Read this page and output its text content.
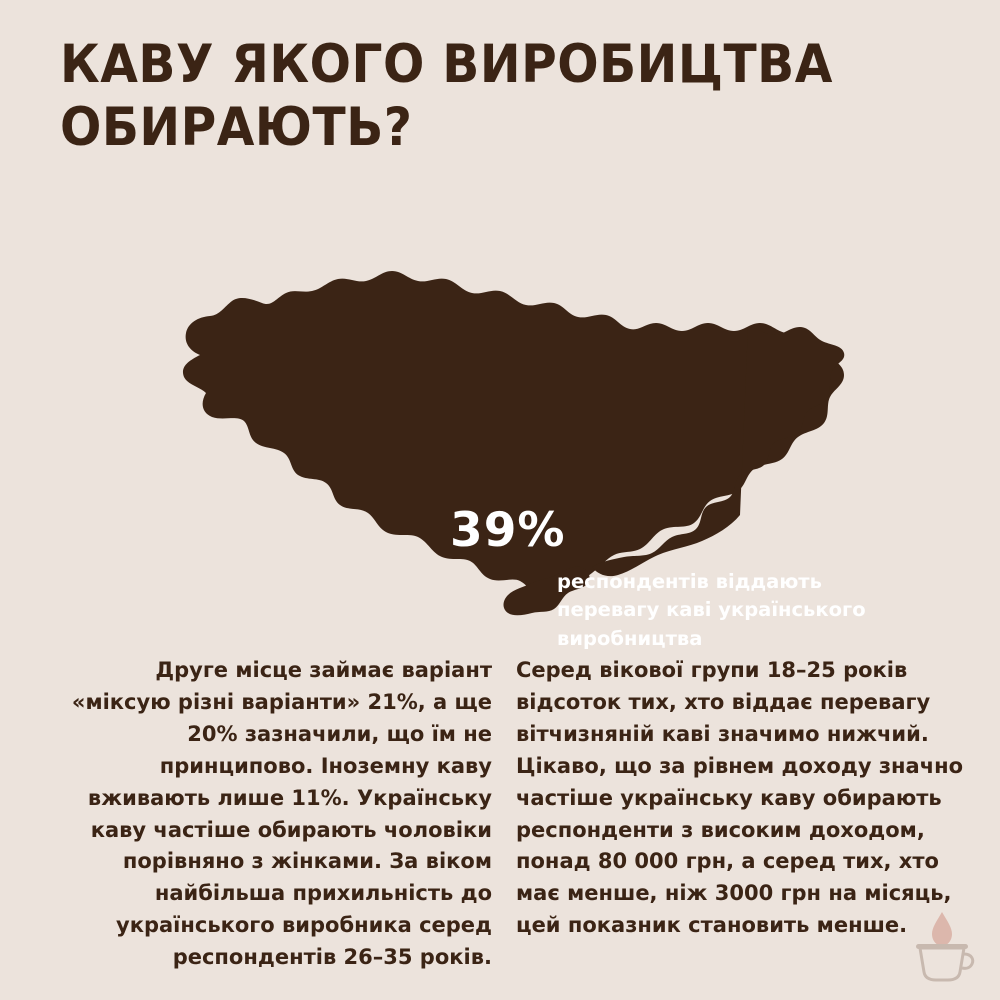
КАВУ ЯКОГО ВИРОБИЦТВА ОБИРАЮТЬ?
39%
респондентів віддають перевагу каві українського виробництва
Друге місце займає варіант «міксую різні варіанти» 21%, а ще 20% зазначили, що їм не принципово. Іноземну каву вживають лише 11%. Українську каву частіше обирають чоловіки порівняно з жінками. За віком найбільша прихильність до українського виробника серед респондентів 26–35 років.
Серед вікової групи 18–25 років відсоток тих, хто віддає перевагу вітчизняній каві значимо нижчий. Цікаво, що за рівнем доходу значно частіше українську каву обирають респонденти з високим доходом, понад 80 000 грн, а серед тих, хто має менше, ніж 3000 грн на місяць, цей показник становить менше.
